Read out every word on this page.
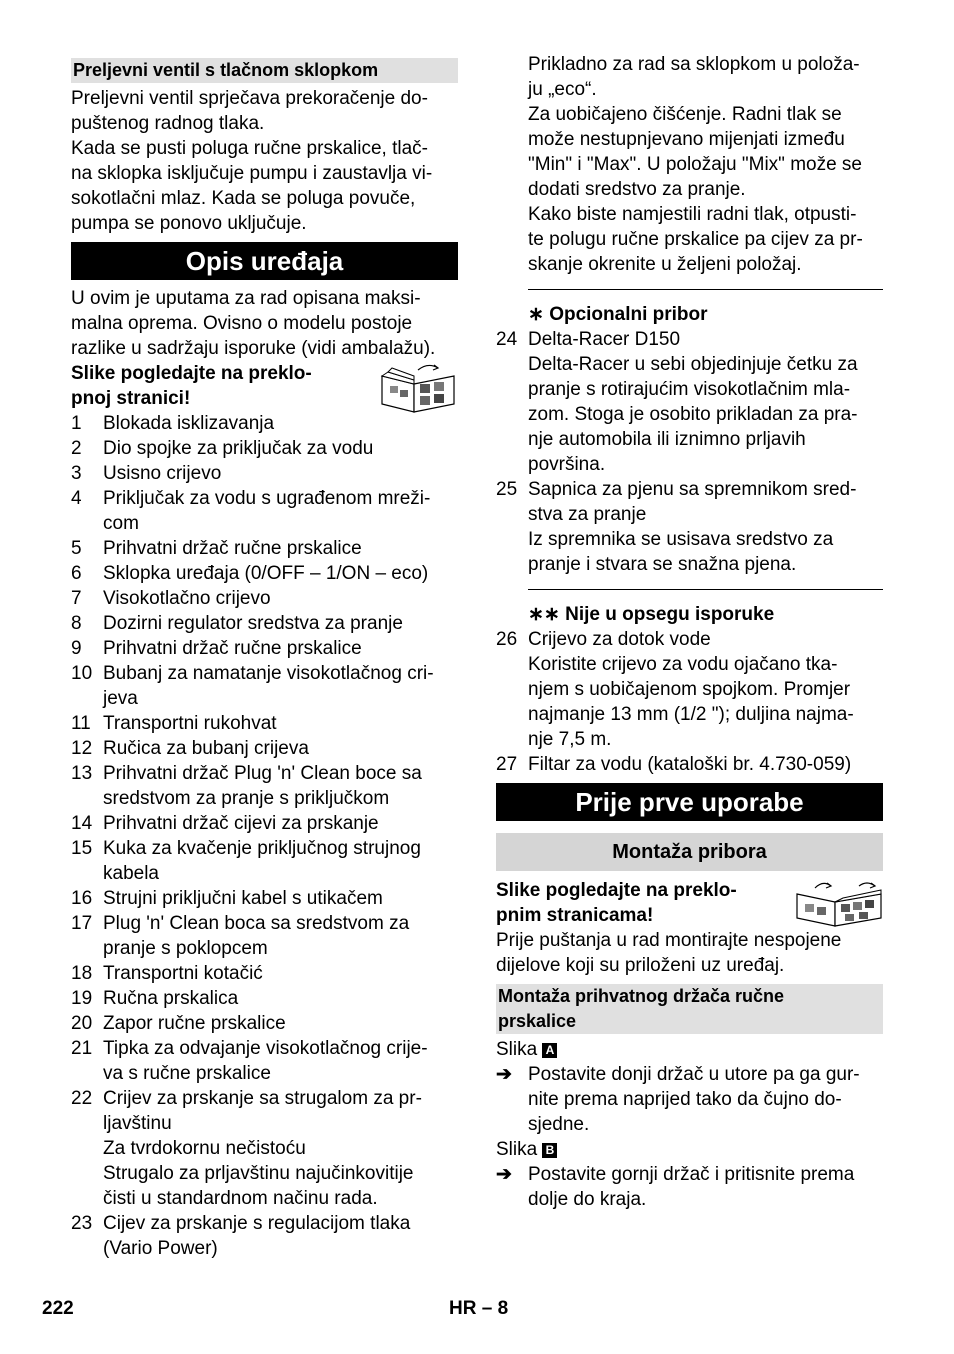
Preljevni ventil s tlačnom sklopkom

Preljevni ventil sprječava prekoračenje do-

puštenog radnog tlaka.

Kada se pusti poluga ručne prskalice, tlač-

na sklopka isključuje pumpu i zaustavlja vi-

sokotlačni mlaz. Kada se poluga povuče,

pumpa se ponovo uključuje.

Opis uređaja

U ovim je uputama za rad opisana maksi-

malna oprema. Ovisno o modelu postoje

razlike u sadržaju isporuke (vidi ambalažu).

Slike pogledajte na preklo-

pnoj stranici!

1	Blokada isklizavanja
2	Dio spojke za priključak za vodu
3	Usisno crijevo
4	Priključak za vodu s ugrađenom mreži-
com
5	Prihvatni držač ručne prskalice
6	Sklopka uređaja (0/OFF – 1/ON – eco)
7	Visokotlačno crijevo
8	Dozirni regulator sredstva za pranje
9	Prihvatni držač ručne prskalice
10 Bubanj za namatanje visokotlačnog cri-
jeva
11 Transportni rukohvat
12 Ručica za bubanj crijeva
13 Prihvatni držač Plug 'n' Clean boce sa
sredstvom za pranje s priključkom
14 Prihvatni držač cijevi za prskanje
15 Kuka za kvačenje priključnog strujnog
kabela
16 Strujni priključni kabel s utikačem
17 Plug 'n' Clean boca sa sredstvom za
pranje s poklopcem
18 Transportni kotačić
19 Ručna prskalica
20 Zapor ručne prskalice
21 Tipka za odvajanje visokotlačnog crije-
va s ručne prskalice
22 Crijev za prskanje sa strugalom za pr-
ljavštinu
Za tvrdokornu nečistoću
Strugalo za prljavštinu najučinkovitije
čisti u standardnom načinu rada.
23 Cijev za prskanje s regulacijom tlaka
(Vario Power)

Prikladno za rad sa sklopkom u položa-

ju „eco“.

Za uobičajeno čišćenje. Radni tlak se

može nestupnjevano mijenjati između

"Min" i "Max". U položaju "Mix" može se

dodati sredstvo za pranje.

Kako biste namjestili radni tlak, otpusti-

te polugu ručne prskalice pa cijev za pr-

skanje okrenite u željeni položaj.

∗ Opcionalni pribor
24 Delta-Racer D150
Delta-Racer u sebi objedinjuje četku za
pranje s rotirajućim visokotlačnim mla-
zom. Stoga je osobito prikladan za pra-
nje automobila ili iznimno prljavih
površina.
25 Sapnica za pjenu sa spremnikom sred-
stva za pranje
Iz spremnika se usisava sredstvo za
pranje i stvara se snažna pjena.
∗∗ Nije u opsegu isporuke
26 Crijevo za dotok vode
Koristite crijevo za vodu ojačano tka-
njem s uobičajenom spojkom. Promjer
najmanje 13 mm (1/2 "); duljina najma-
nje 7,5 m.
27 Filtar za vodu (kataloški br. 4.730-059)
Prije prve uporabe
Montaža pribora

Slike pogledajte na preklo-

pnim stranicama!

Prije puštanja u rad montirajte nespojene

dijelove koji su priloženi uz uređaj.

Montaža prihvatnog držača ručne
prskalice
Slika A
➔ Postavite donji držač u utore pa ga gur-
nite prema naprijed tako da čujno do-
sjedne.
Slika B
➔ Postavite gornji držač i pritisnite prema
dolje do kraja.
222	HR – 8
